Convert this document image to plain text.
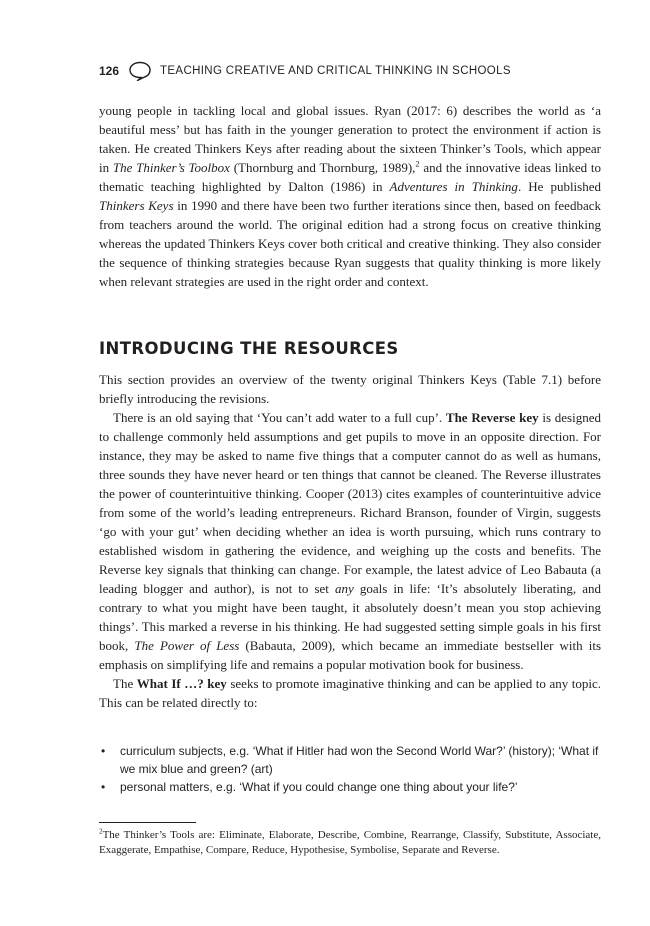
126	TEACHING CREATIVE AND CRITICAL THINKING IN SCHOOLS

young people in tackling local and global issues. Ryan (2017: 6) describes the world as ‘a beautiful mess’ but has faith in the younger generation to protect the environment if action is taken. He created Thinkers Keys after reading about the sixteen Thinker’s Tools, which appear in The Thinker’s Toolbox (Thornburg and Thornburg, 1989),$^2$ and the innovative ideas linked to thematic teaching highlighted by Dalton (1986) in Adventures in Thinking. He published Thinkers Keys in 1990 and there have been two further iterations since then, based on feedback from teachers around the world. The original edition had a strong focus on creative thinking whereas the updated Thinkers Keys cover both critical and creative thinking. They also consider the sequence of thinking strategies because Ryan suggests that quality thinking is more likely when relevant strategies are used in the right order and context.

INTRODUCING THE RESOURCES

This section provides an overview of the twenty original Thinkers Keys (Table 7.1) before briefly introducing the revisions.

There is an old saying that ‘You can’t add water to a full cup’. The Reverse key is designed to challenge commonly held assumptions and get pupils to move in an opposite direction. For instance, they may be asked to name five things that a computer cannot do as well as humans, three sounds they have never heard or ten things that cannot be cleaned. The Reverse illustrates the power of counterintuitive thinking. Cooper (2013) cites examples of counterintuitive advice from some of the world’s leading entrepreneurs. Richard Branson, founder of Virgin, suggests ‘go with your gut’ when deciding whether an idea is worth pursuing, which runs contrary to established wisdom in gathering the evidence, and weighing up the costs and benefits. The Reverse key signals that thinking can change. For example, the latest advice of Leo Babauta (a leading blogger and author), is not to set any goals in life: ‘It’s absolutely liberating, and contrary to what you might have been taught, it absolutely doesn’t mean you stop achieving things’. This marked a reverse in his thinking. He had suggested setting simple goals in his first book, The Power of Less (Babauta, 2009), which became an immediate bestseller with its emphasis on simplifying life and remains a popular motivation book for business.

The What If …? key seeks to promote imaginative thinking and can be applied to any topic. This can be related directly to:

• curriculum subjects, e.g. ‘What if Hitler had won the Second World War?’ (history); ‘What if we mix blue and green? (art)
• personal matters, e.g. ‘What if you could change one thing about your life?’
$^2$The Thinker’s Tools are: Eliminate, Elaborate, Describe, Combine, Rearrange, Classify, Substitute, Associate, Exaggerate, Empathise, Compare, Reduce, Hypothesise, Symbolise, Separate and Reverse.
